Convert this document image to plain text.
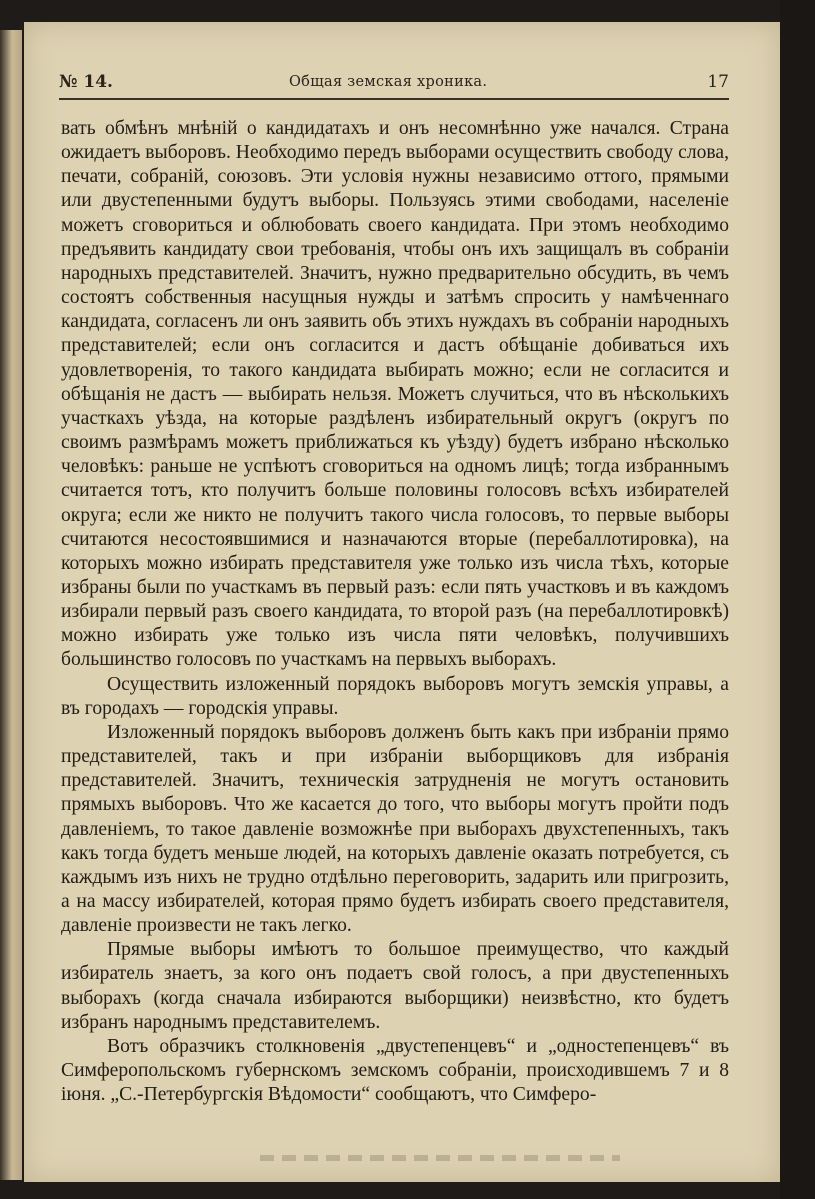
№ 14.	Общая земская хроника.	17

вать обмѣнъ мнѣній о кандидатахъ и онъ несомнѣнно уже начался. Страна ожидаетъ выборовъ. Необходимо передъ выборами осуществить свободу слова, печати, собраній, союзовъ. Эти условія нужны независимо оттого, прямыми или двустепенными будутъ выборы. Пользуясь этими свободами, населеніе можетъ сговориться и облюбовать своего кандидата. При этомъ необходимо предъявить кандидату свои требованія, чтобы онъ ихъ защищалъ въ собраніи народныхъ представителей. Значитъ, нужно предварительно обсудить, въ чемъ состоятъ собственныя насущныя нужды и затѣмъ спросить у намѣченнаго кандидата, согласенъ ли онъ заявить объ этихъ нуждахъ въ собраніи народныхъ представителей; если онъ согласится и дастъ обѣщаніе добиваться ихъ удовлетворенія, то такого кандидата выбирать можно; если не согласится и обѣщанія не дастъ — выбирать нельзя. Можетъ случиться, что въ нѣсколькихъ участкахъ уѣзда, на которые раздѣленъ избирательный округъ (округъ по своимъ размѣрамъ можетъ приближаться къ уѣзду) будетъ избрано нѣсколько человѣкъ: раньше не успѣютъ сговориться на одномъ лицѣ; тогда избраннымъ считается тотъ, кто получитъ больше половины голосовъ всѣхъ избирателей округа; если же никто не получитъ такого числа голосовъ, то первые выборы считаются несостоявшимися и назначаются вторые (перебаллотировка), на которыхъ можно избирать представителя уже только изъ числа тѣхъ, которые избраны были по участкамъ въ первый разъ: если пять участковъ и въ каждомъ избирали первый разъ своего кандидата, то второй разъ (на перебаллотировкѣ) можно избирать уже только изъ числа пяти человѣкъ, получившихъ большинство голосовъ по участкамъ на первыхъ выборахъ.

Осуществить изложенный порядокъ выборовъ могутъ земскія управы, а въ городахъ — городскія управы.

Изложенный порядокъ выборовъ долженъ быть какъ при избраніи прямо представителей, такъ и при избраніи выборщиковъ для избранія представителей. Значитъ, техническія затрудненія не могутъ остановить прямыхъ выборовъ. Что же касается до того, что выборы могутъ пройти подъ давленіемъ, то такое давленіе возможнѣе при выборахъ двухстепенныхъ, такъ какъ тогда будетъ меньше людей, на которыхъ давленіе оказать потребуется, съ каждымъ изъ нихъ не трудно отдѣльно переговорить, задарить или пригрозить, а на массу избирателей, которая прямо будетъ избирать своего представителя, давленіе произвести не такъ легко.

Прямые выборы имѣютъ то большое преимущество, что каждый избиратель знаетъ, за кого онъ подаетъ свой голосъ, а при двустепенныхъ выборахъ (когда сначала избираются выборщики) неизвѣстно, кто будетъ избранъ народнымъ представителемъ.

Вотъ образчикъ столкновенія „двустепенцевъ“ и „одностепенцевъ“ въ Симферопольскомъ губернскомъ земскомъ собраніи, происходившемъ 7 и 8 іюня. „С.-Петербургскія Вѣдомости“ сообщаютъ, что Симферо-
